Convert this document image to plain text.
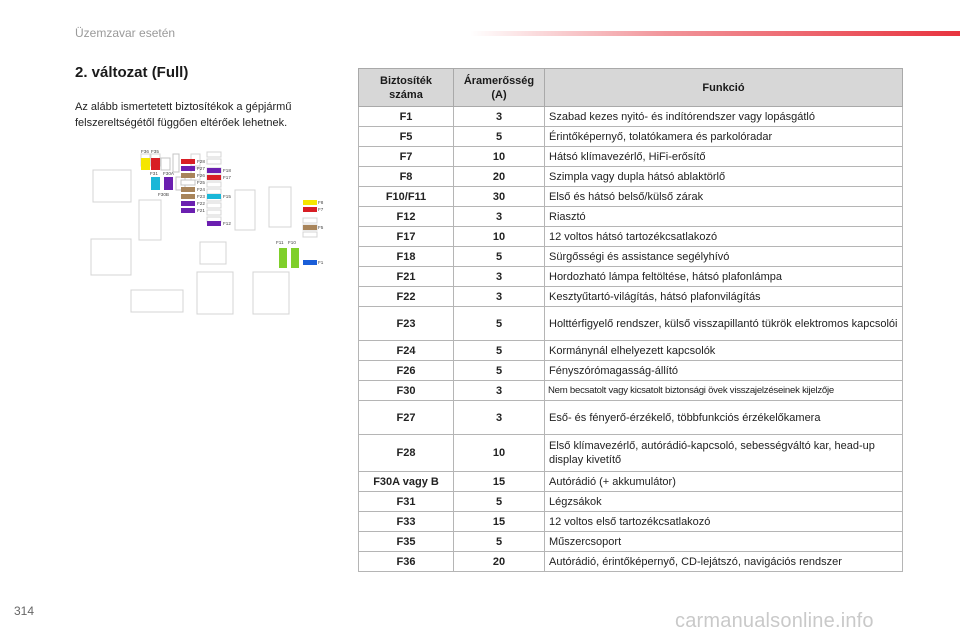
Üzemzavar esetén
2. változat (Full)
Az alább ismertetett biztosítékok a gépjármű felszereltségétől függően eltérőek lehetnek.
F36 F35
F31 F30A
F30B
F28
F27
F26
F25
F24
F23
F22
F21
F18
F17
F15
F12
F8
F7
F5
F1
F11 F10
Biztosíték száma	Áramerősség (A)	Funkció
F1	3	Szabad kezes nyitó- és indítórendszer vagy lopásgátló
F5	5	Érintőképernyő, tolatókamera és parkolóradar
F7	10	Hátsó klímavezérlő, HiFi-erősítő
F8	20	Szimpla vagy dupla hátsó ablaktörlő
F10/F11	30	Első és hátsó belső/külső zárak
F12	3	Riasztó
F17	10	12 voltos hátsó tartozékcsatlakozó
F18	5	Sürgősségi és assistance segélyhívó
F21	3	Hordozható lámpa feltöltése, hátsó plafonlámpa
F22	3	Kesztyűtartó-világítás, hátsó plafonvilágítás
F23	5	Holttérfigyelő rendszer, külső visszapillantó tükrök elektromos kapcsolói
F24	5	Kormánynál elhelyezett kapcsolók
F26	5	Fényszórómagasság-állító
F30	3	Nem becsatolt vagy kicsatolt biztonsági övek visszajelzéseinek kijelzője
F27	3	Eső- és fényerő-érzékelő, többfunkciós érzékelőkamera
F28	10	Első klímavezérlő, autórádió-kapcsoló, sebességváltó kar, head-up display kivetítő
F30A vagy B	15	Autórádió (+ akkumulátor)
F31	5	Légzsákok
F33	15	12 voltos első tartozékcsatlakozó
F35	5	Műszercsoport
F36	20	Autórádió, érintőképernyő, CD-lejátszó, navigációs rendszer
314	carmanualsonline.info
